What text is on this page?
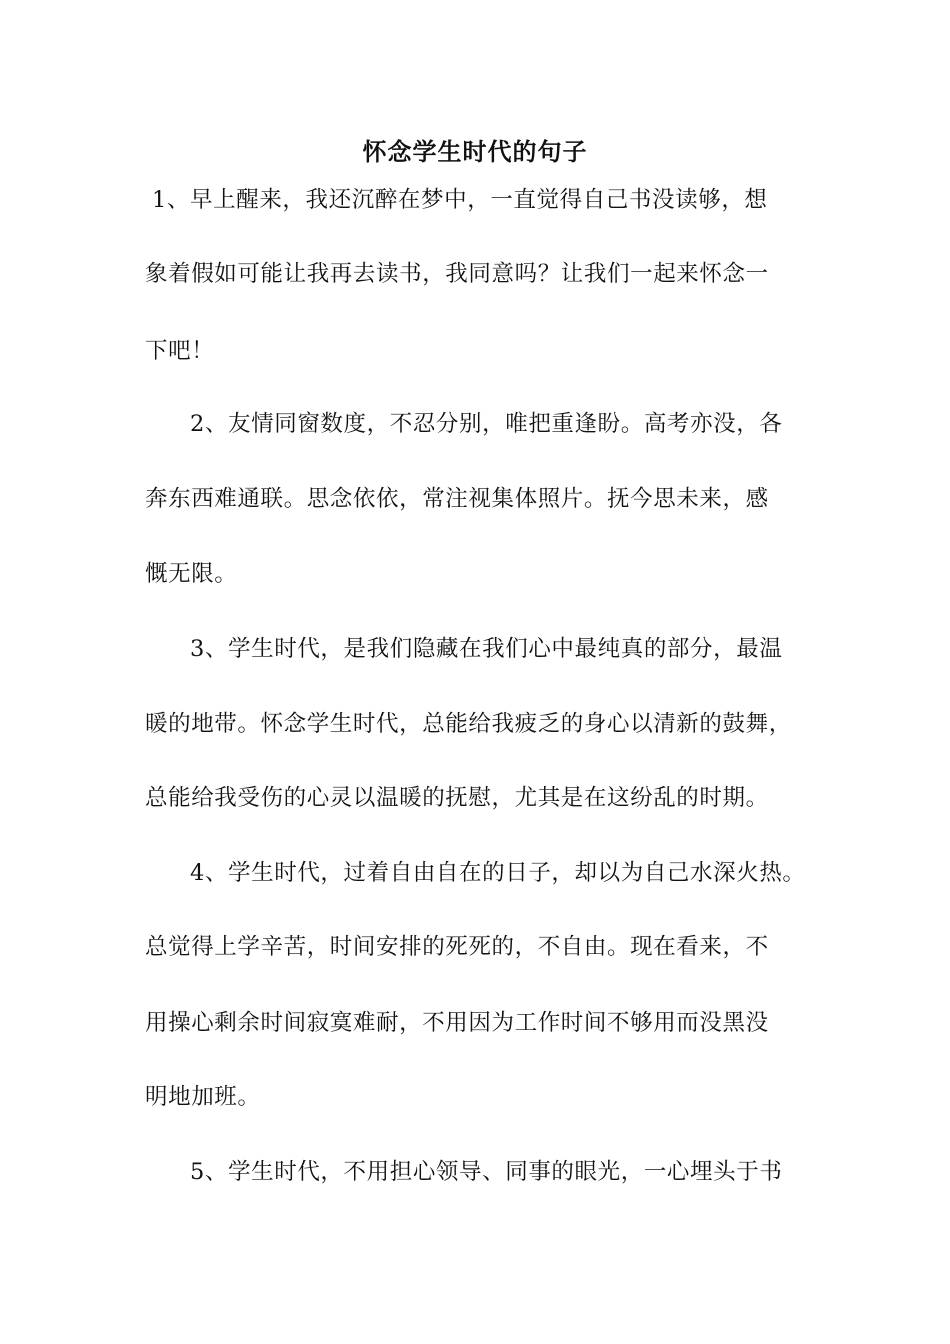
怀念学生时代的句子
1、早上醒来，我还沉醉在梦中，一直觉得自己书没读够，想
象着假如可能让我再去读书，我同意吗？让我们一起来怀念一
下吧！
2、友情同窗数度，不忍分别，唯把重逢盼。高考亦没，各
奔东西难通联。思念依依，常注视集体照片。抚今思未来，感
慨无限。
3、学生时代，是我们隐藏在我们心中最纯真的部分，最温
暖的地带。怀念学生时代，总能给我疲乏的身心以清新的鼓舞，
总能给我受伤的心灵以温暖的抚慰，尤其是在这纷乱的时期。
4、学生时代，过着自由自在的日子，却以为自己水深火热。
总觉得上学辛苦，时间安排的死死的，不自由。现在看来，不
用操心剩余时间寂寞难耐，不用因为工作时间不够用而没黑没
明地加班。
5、学生时代，不用担心领导、同事的眼光，一心埋头于书
